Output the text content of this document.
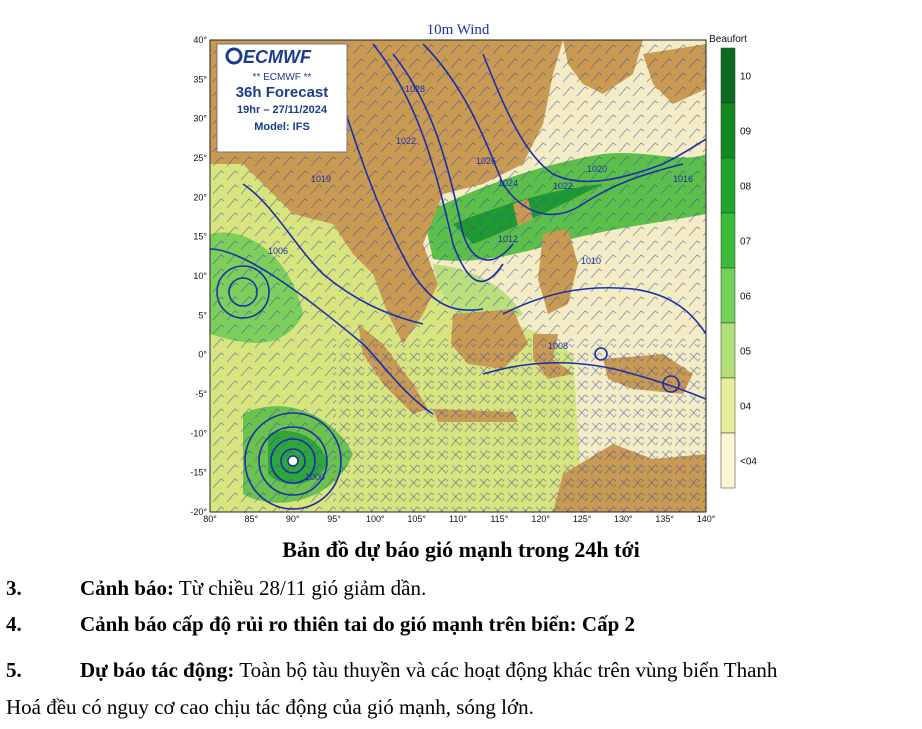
10m Wind
ECMWF
** ECMWF **
36h Forecast
19hr – 27/11/2024
Model: IFS
40°
35°
30°
25°
20°
15°
10°
5°
0°
-5°
-10°
-15°
-20°
80°	85°	90°	95°	100°	105°	110°	115°	120°	125°	130°	135°	140°
1028
1022
1019
1026
1024	1022
1020
1016
1012
1010
1008
1006
1000
Beaufort
10
09
08
07
06
05
04
<04
Bản đồ dự báo gió mạnh trong 24h tới
3.	Cảnh báo: Từ chiều 28/11 gió giảm dần.
4.	Cảnh báo cấp độ rủi ro thiên tai do gió mạnh trên biển: Cấp 2
5.	Dự báo tác động: Toàn bộ tàu thuyền và các hoạt động khác trên vùng biển Thanh
Hoá đều có nguy cơ cao chịu tác động của gió mạnh, sóng lớn.
